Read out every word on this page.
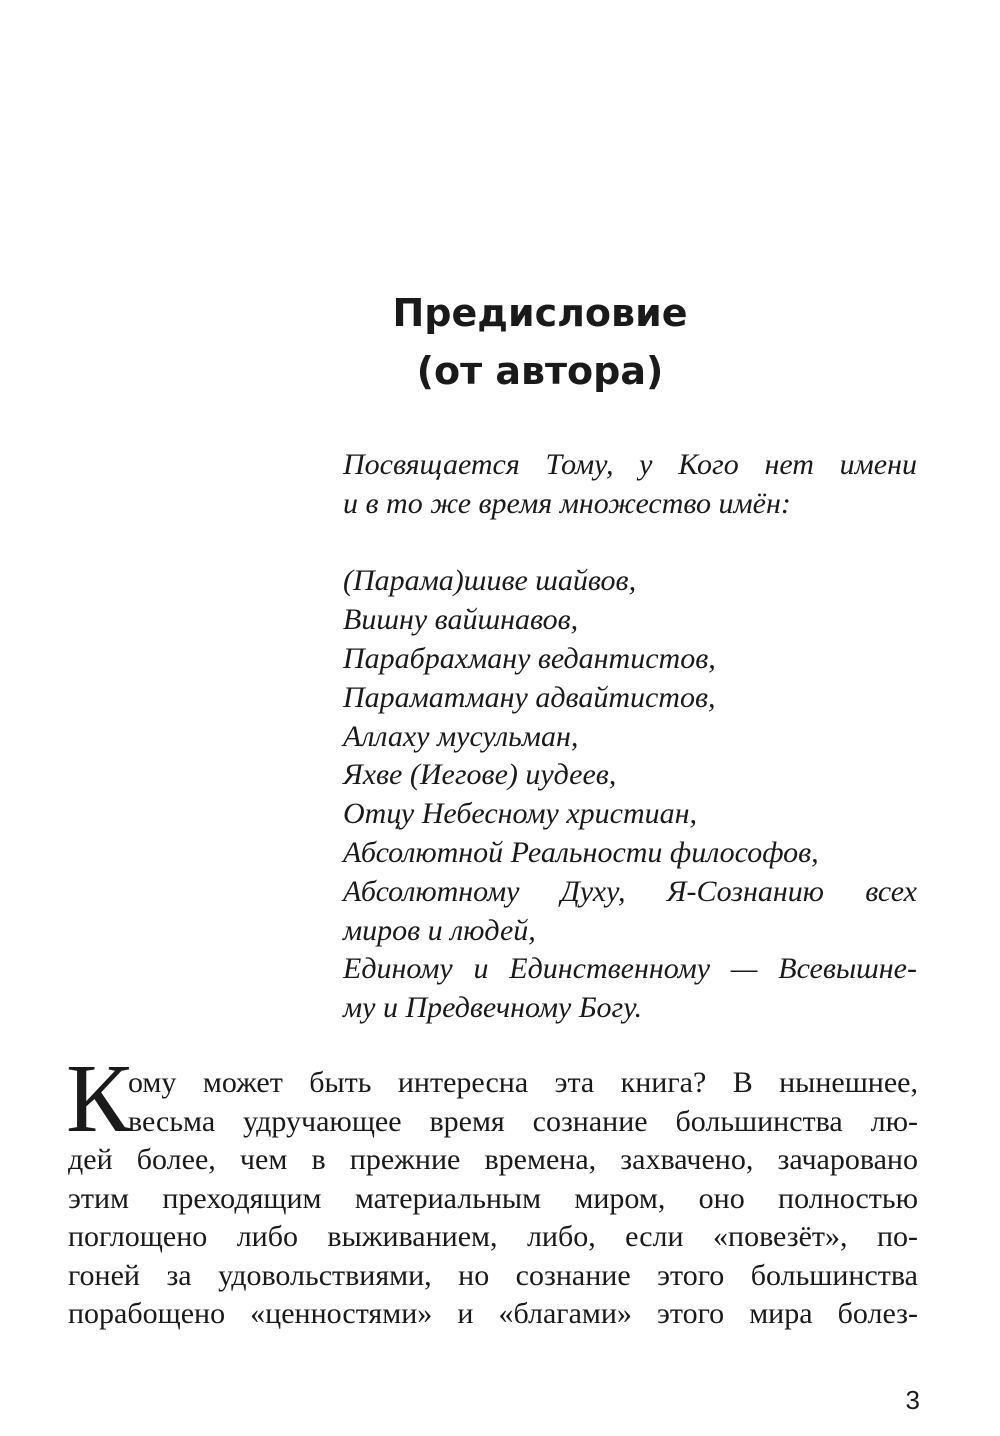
Предисловие
(от автора)
Посвящается Тому, у Кого нет имени
и в то же время множество имён:
(Парама)шиве шайвов,
Вишну вайшнавов,
Парабрахману ведантистов,
Параматману адвайтистов,
Аллаху мусульман,
Яхве (Иегове) иудеев,
Отцу Небесному христиан,
Абсолютной Реальности философов,
Абсолютному Духу, Я-Сознанию всех
миров и людей,
Единому и Единственному — Всевышне-
му и Предвечному Богу.
К
ому может быть интересна эта книга? В нынешнее,
весьма удручающее время сознание большинства лю-
дей более, чем в прежние времена, захвачено, зачаровано
этим преходящим материальным миром, оно полностью
поглощено либо выживанием, либо, если «повезёт», по-
гоней за удовольствиями, но сознание этого большинства
порабощено «ценностями» и «благами» этого мира болез-
3
